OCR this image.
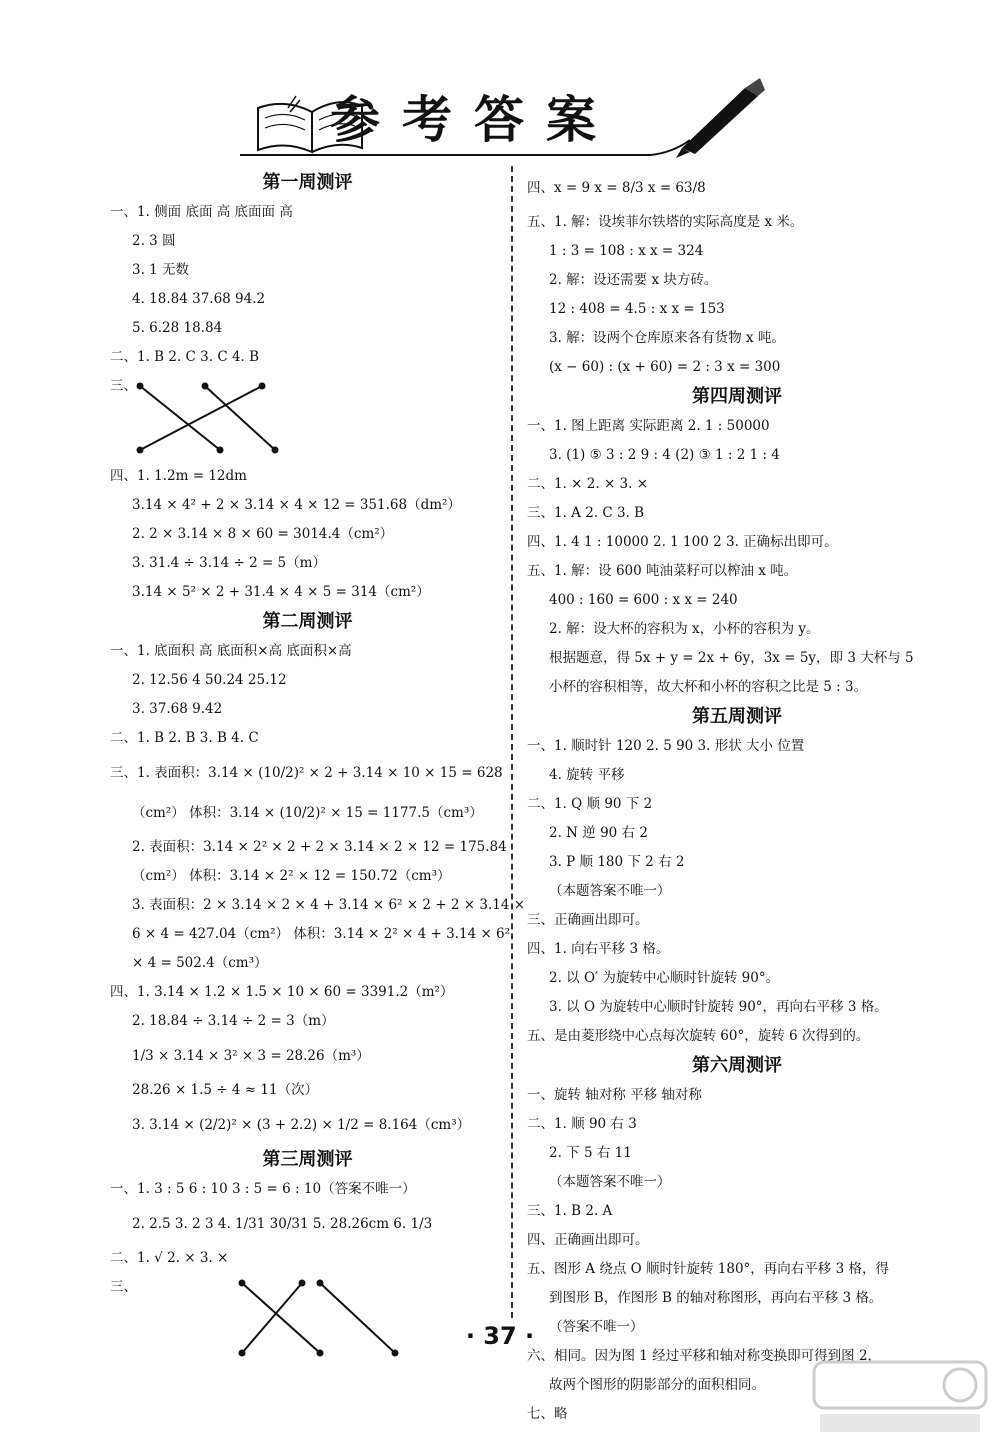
参考答案
第一周测评
一、1. 侧面 底面 高 底面面 高
2. 3 圆
3. 1 无数
4. 18.84 37.68 94.2
5. 6.28 18.84
二、1. B 2. C 3. C 4. B
三、
四、1. 1.2m = 12dm
3.14 × 4² + 2 × 3.14 × 4 × 12 = 351.68（dm²）
2. 2 × 3.14 × 8 × 60 = 3014.4（cm²）
3. 31.4 ÷ 3.14 ÷ 2 = 5（m）
3.14 × 5² × 2 + 31.4 × 4 × 5 = 314（cm²）
第二周测评
一、1. 底面积 高 底面积×高 底面积×高
2. 12.56 4 50.24 25.12
3. 37.68 9.42
二、1. B 2. B 3. B 4. C
三、1. 表面积：3.14 × (10/2)² × 2 + 3.14 × 10 × 15 = 628
（cm²） 体积：3.14 × (10/2)² × 15 = 1177.5（cm³）
2. 表面积：3.14 × 2² × 2 + 2 × 3.14 × 2 × 12 = 175.84
（cm²） 体积：3.14 × 2² × 12 = 150.72（cm³）
3. 表面积：2 × 3.14 × 2 × 4 + 3.14 × 6² × 2 + 2 × 3.14 ×
6 × 4 = 427.04（cm²） 体积：3.14 × 2² × 4 + 3.14 × 6²
× 4 = 502.4（cm³）
四、1. 3.14 × 1.2 × 1.5 × 10 × 60 = 3391.2（m²）
2. 18.84 ÷ 3.14 ÷ 2 = 3（m）
1/3 × 3.14 × 3² × 3 = 28.26（m³）
28.26 × 1.5 ÷ 4 ≈ 11（次）
3. 3.14 × (2/2)² × (3 + 2.2) × 1/2 = 8.164（cm³）
第三周测评
一、1. 3 : 5 6 : 10 3 : 5 = 6 : 10（答案不唯一）
2. 2.5 3. 2 3 4. 1/31 30/31 5. 28.26cm 6. 1/3
二、1. √ 2. × 3. ×
三、
四、x = 9 x = 8/3 x = 63/8
五、1. 解：设埃菲尔铁塔的实际高度是 x 米。
1 : 3 = 108 : x x = 324
2. 解：设还需要 x 块方砖。
12 : 408 = 4.5 : x x = 153
3. 解：设两个仓库原来各有货物 x 吨。
(x − 60) : (x + 60) = 2 : 3 x = 300
第四周测评
一、1. 图上距离 实际距离 2. 1 : 50000
3. (1) ⑤ 3 : 2 9 : 4 (2) ③ 1 : 2 1 : 4
二、1. × 2. × 3. ×
三、1. A 2. C 3. B
四、1. 4 1 : 10000 2. 1 100 2 3. 正确标出即可。
五、1. 解：设 600 吨油菜籽可以榨油 x 吨。
400 : 160 = 600 : x x = 240
2. 解：设大杯的容积为 x，小杯的容积为 y。
根据题意，得 5x + y = 2x + 6y，3x = 5y，即 3 大杯与 5
小杯的容积相等，故大杯和小杯的容积之比是 5 : 3。
第五周测评
一、1. 顺时针 120 2. 5 90 3. 形状 大小 位置
4. 旋转 平移
二、1. Q 顺 90 下 2
2. N 逆 90 右 2
3. P 顺 180 下 2 右 2
（本题答案不唯一）
三、正确画出即可。
四、1. 向右平移 3 格。
2. 以 O′ 为旋转中心顺时针旋转 90°。
3. 以 O 为旋转中心顺时针旋转 90°，再向右平移 3 格。
五、是由菱形绕中心点每次旋转 60°，旋转 6 次得到的。
第六周测评
一、旋转 轴对称 平移 轴对称
二、1. 顺 90 右 3
2. 下 5 右 11
（本题答案不唯一）
三、1. B 2. A
四、正确画出即可。
五、图形 A 绕点 O 顺时针旋转 180°，再向右平移 3 格，得
到图形 B，作图形 B 的轴对称图形，再向右平移 3 格。
（答案不唯一）
六、相同。因为图 1 经过平移和轴对称变换即可得到图 2，
故两个图形的阴影部分的面积相同。
七、略
· 37 ·
